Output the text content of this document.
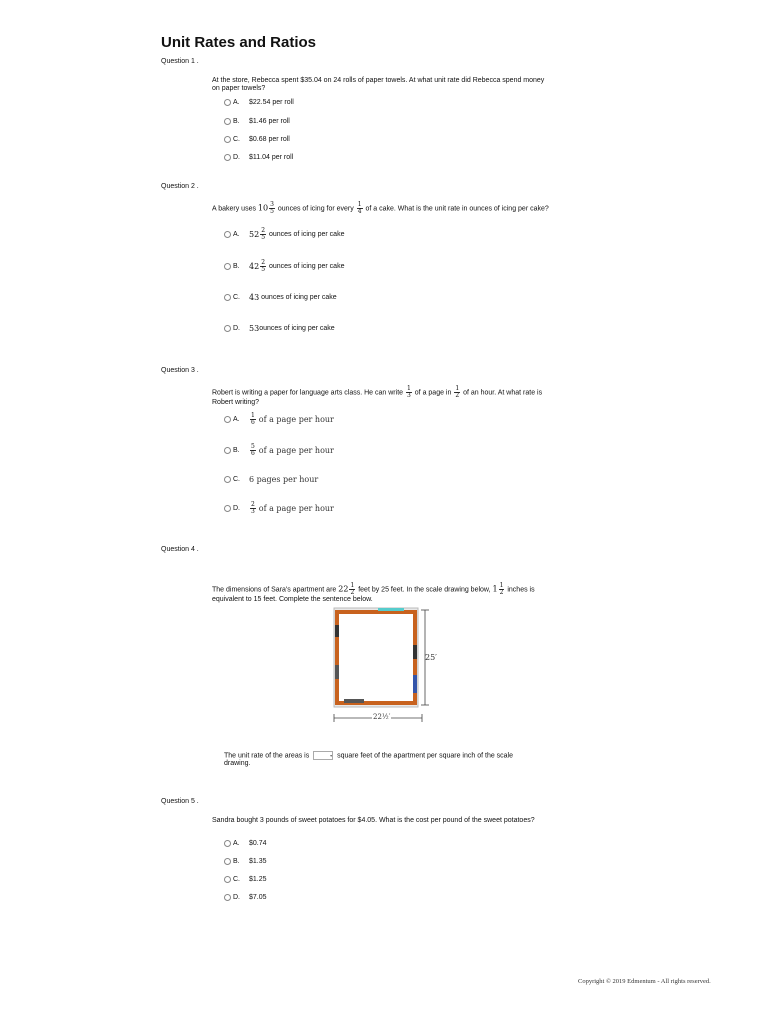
Unit Rates and Ratios
Question 1 .
At the store, Rebecca spent $35.04 on 24 rolls of paper towels. At what unit rate did Rebecca spend money on paper towels?
A.	$22.54 per roll
B.	$1.46 per roll
C.	$0.68 per roll
D.	$11.04 per roll
Question 2 .
A bakery uses $10 \frac{3}{5}$ ounces of icing for every $\frac{1}{4}$ of a cake. What is the unit rate in ounces of icing per cake?
A.	$52 \frac{2}{5}$
ounces of icing per cake
B.	$42 \frac{2}{5}$
ounces of icing per cake
C.	43
ounces of icing per cake
D.	53 ounces of icing per cake
Question 3 .
Robert is writing a paper for language arts class. He can write $\frac{1}{3}$ of a page in $\frac{1}{2}$ of an hour. At what rate is Robert writing?
A.	$\frac{1}{6}$
of a page per hour
B.	$\frac{5}{6}$
of a page per hour
C.	6 pages per hour
D.	$\frac{2}{3}$
of a page per hour
Question 4 .
The dimensions of Sara's apartment are $22 \frac{1}{2}$ feet by 25 feet. In the scale drawing below, $1 \frac{1}{2}$ inches is equivalent to 15 feet. Complete the sentence below.
25′
22½′
The unit rate of the areas is	▾ square feet of the apartment per square inch of the scale drawing.
Question 5 .
Sandra bought 3 pounds of sweet potatoes for $4.05. What is the cost per pound of the sweet potatoes?
A.	$0.74
B.	$1.35
C.	$1.25
D.	$7.05
Copyright © 2019 Edmentum - All rights reserved.
